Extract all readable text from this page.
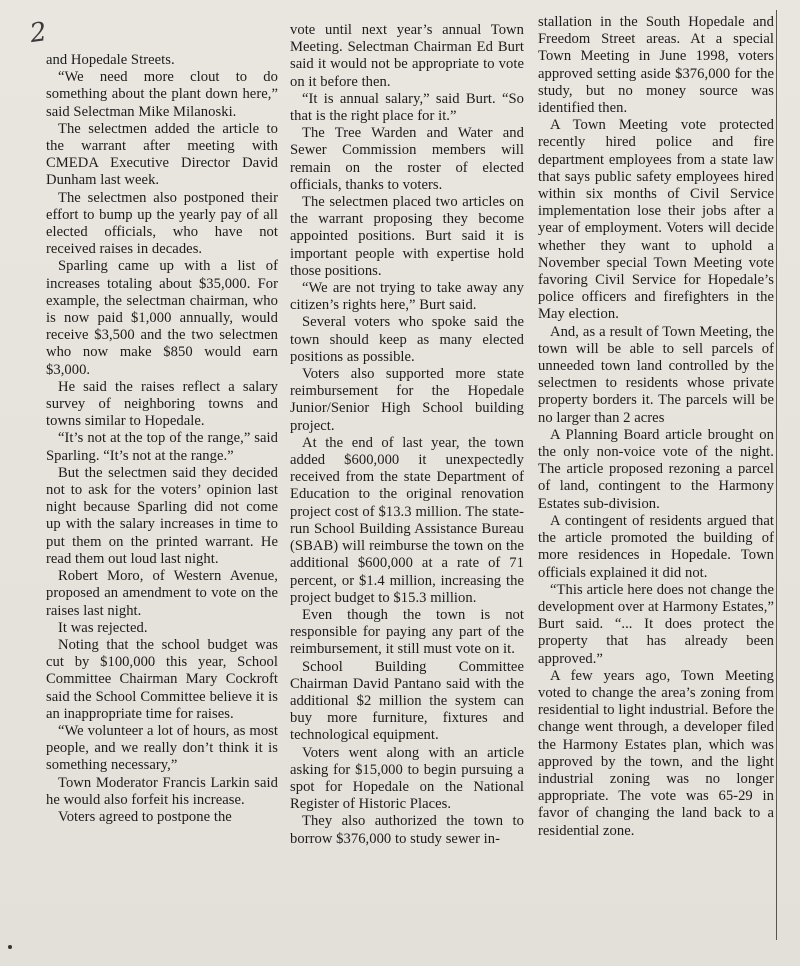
2

and Hopedale Streets.

“We need more clout to do something about the plant down here,” said Selectman Mike Milanoski.

The selectmen added the article to the warrant after meeting with CMEDA Executive Director David Dunham last week.

The selectmen also postponed their effort to bump up the yearly pay of all elected officials, who have not received raises in decades.

Sparling came up with a list of increases totaling about $35,000. For example, the selectman chairman, who is now paid $1,000 annually, would receive $3,500 and the two selectmen who now make $850 would earn $3,000.

He said the raises reflect a salary survey of neighboring towns and towns similar to Hopedale.

“It’s not at the top of the range,” said Sparling. “It’s not at the range.”

But the selectmen said they decided not to ask for the voters’ opinion last night because Sparling did not come up with the salary increases in time to put them on the printed warrant. He read them out loud last night.

Robert Moro, of Western Avenue, proposed an amendment to vote on the raises last night.

It was rejected.

Noting that the school budget was cut by $100,000 this year, School Committee Chairman Mary Cockroft said the School Committee believe it is an inappropriate time for raises.

“We volunteer a lot of hours, as most people, and we really don’t think it is something necessary,”

Town Moderator Francis Larkin said he would also forfeit his increase.

Voters agreed to postpone the

vote until next year’s annual Town Meeting. Selectman Chairman Ed Burt said it would not be appropriate to vote on it before then.

“It is annual salary,” said Burt. “So that is the right place for it.”

The Tree Warden and Water and Sewer Commission members will remain on the roster of elected officials, thanks to voters.

The selectmen placed two articles on the warrant proposing they become appointed positions. Burt said it is important people with expertise hold those positions.

“We are not trying to take away any citizen’s rights here,” Burt said.

Several voters who spoke said the town should keep as many elected positions as possible.

Voters also supported more state reimbursement for the Hopedale Junior/Senior High School building project.

At the end of last year, the town added $600,000 it unexpectedly received from the state Department of Education to the original renovation project cost of $13.3 million. The state-run School Building Assistance Bureau (SBAB) will reimburse the town on the additional $600,000 at a rate of 71 percent, or $1.4 million, increasing the project budget to $15.3 million.

Even though the town is not responsible for paying any part of the reimbursement, it still must vote on it.

School Building Committee Chairman David Pantano said with the additional $2 million the system can buy more furniture, fixtures and technological equipment.

Voters went along with an article asking for $15,000 to begin pursuing a spot for Hopedale on the National Register of Historic Places.

They also authorized the town to borrow $376,000 to study sewer in-

stallation in the South Hopedale and Freedom Street areas. At a special Town Meeting in June 1998, voters approved setting aside $376,000 for the study, but no money source was identified then.

A Town Meeting vote protected recently hired police and fire department employees from a state law that says public safety employees hired within six months of Civil Service implementation lose their jobs after a year of employment. Voters will decide whether they want to uphold a November special Town Meeting vote favoring Civil Service for Hopedale’s police officers and firefighters in the May election.

And, as a result of Town Meeting, the town will be able to sell parcels of unneeded town land controlled by the selectmen to residents whose private property borders it. The parcels will be no larger than 2 acres

A Planning Board article brought on the only non-voice vote of the night. The article proposed rezoning a parcel of land, contingent to the Harmony Estates sub-division.

A contingent of residents argued that the article promoted the building of more residences in Hopedale. Town officials explained it did not.

“This article here does not change the development over at Harmony Estates,” Burt said. “... It does protect the property that has already been approved.”

A few years ago, Town Meeting voted to change the area’s zoning from residential to light industrial. Before the change went through, a developer filed the Harmony Estates plan, which was approved by the town, and the light industrial zoning was no longer appropriate. The vote was 65-29 in favor of changing the land back to a residential zone.
